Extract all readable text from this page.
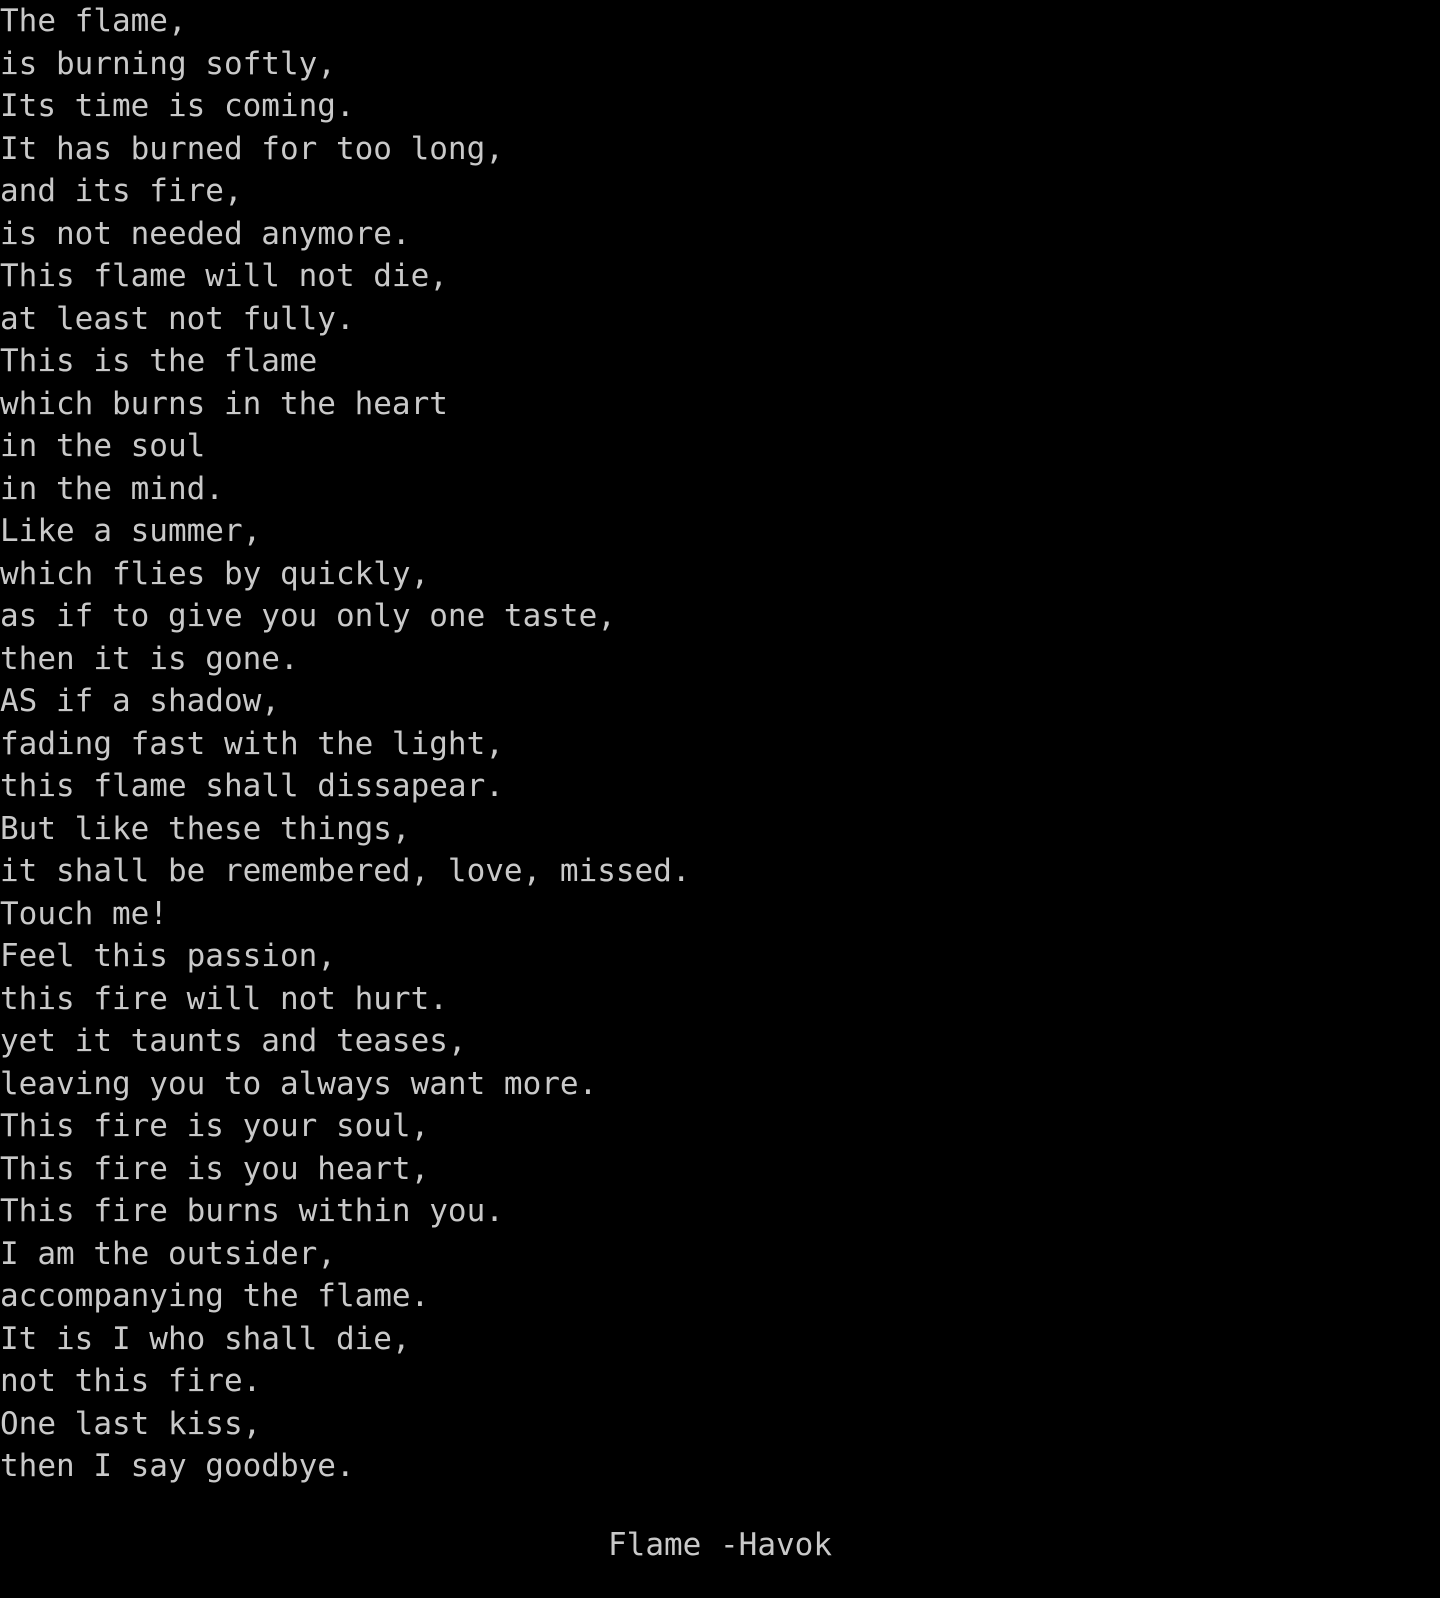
The flame,
is burning softly,
Its time is coming.
It has burned for too long,
and its fire,
is not needed anymore.
This flame will not die,
at least not fully.
This is the flame
which burns in the heart
in the soul
in the mind.
Like a summer,
which flies by quickly,
as if to give you only one taste,
then it is gone.
AS if a shadow,
fading fast with the light,
this flame shall dissapear.
But like these things,
it shall be remembered, love, missed.
Touch me!
Feel this passion,
this fire will not hurt.
yet it taunts and teases,
leaving you to always want more.
This fire is your soul,
This fire is you heart,
This fire burns within you.
I am the outsider,
accompanying the flame.
It is I who shall die,
not this fire.
One last kiss,
then I say goodbye.
Flame -Havok
